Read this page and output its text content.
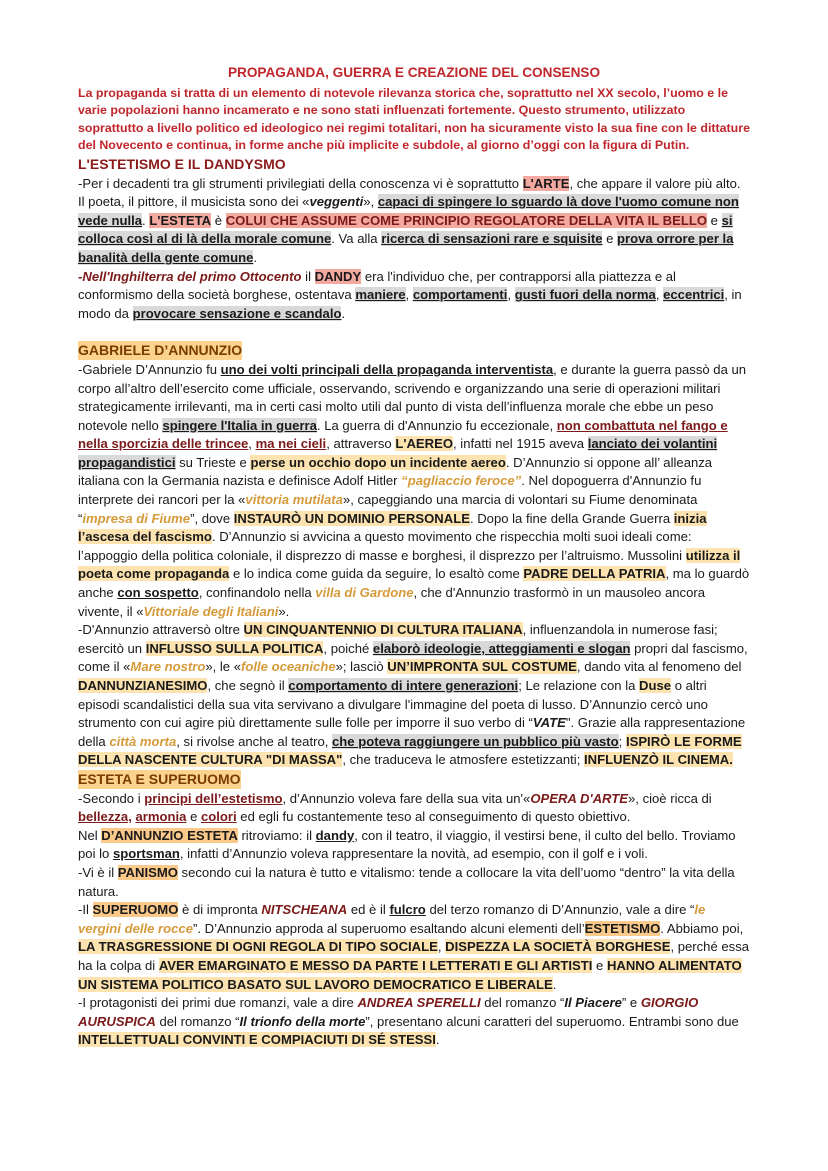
PROPAGANDA, GUERRA E CREAZIONE DEL CONSENSO
La propaganda si tratta di un elemento di notevole rilevanza storica che, soprattutto nel XX secolo, l’uomo e le varie popolazioni hanno incamerato e ne sono stati influenzati fortemente. Questo strumento, utilizzato soprattutto a livello politico ed ideologico nei regimi totalitari, non ha sicuramente visto la sua fine con le dittature del Novecento e continua, in forme anche più implicite e subdole, al giorno d’oggi con la figura di Putin.
L'ESTETISMO E IL DANDYSMO

-Per i decadenti tra gli strumenti privilegiati della conoscenza vi è soprattutto L'ARTE, che appare il valore più alto. Il poeta, il pittore, il musicista sono dei «veggenti», capaci di spingere lo sguardo là dove l'uomo comune non vede nulla. L'ESTETA è COLUI CHE ASSUME COME PRINCIPIO REGOLATORE DELLA VITA IL BELLO e si colloca così al di là della morale comune. Va alla ricerca di sensazioni rare e squisite e prova orrore per la banalità della gente comune.

-Nell'Inghilterra del primo Ottocento il DANDY era l'individuo che, per contrapporsi alla piattezza e al conformismo della società borghese, ostentava maniere, comportamenti, gusti fuori della norma, eccentrici, in modo da provocare sensazione e scandalo.

GABRIELE D’ANNUNZIO

-Gabriele D’Annunzio fu uno dei volti principali della propaganda interventista, e durante la guerra passò da un corpo all’altro dell’esercito come ufficiale, osservando, scrivendo e organizzando una serie di operazioni militari strategicamente irrilevanti, ma in certi casi molto utili dal punto di vista dell’influenza morale che ebbe un peso notevole nello spingere l'Italia in guerra. La guerra di d'Annunzio fu eccezionale, non combattuta nel fango e nella sporcizia delle trincee, ma nei cieli, attraverso L'AEREO, infatti nel 1915 aveva lanciato dei volantini propagandistici su Trieste e perse un occhio dopo un incidente aereo. D’Annunzio si oppone all’ alleanza italiana con la Germania nazista e definisce Adolf Hitler “pagliaccio feroce”. Nel dopoguerra d'Annunzio fu interprete dei rancori per la «vittoria mutilata», capeggiando una marcia di volontari su Fiume denominata “impresa di Fiume”, dove INSTAURÒ UN DOMINIO PERSONALE. Dopo la fine della Grande Guerra inizia l’ascesa del fascismo. D’Annunzio si avvicina a questo movimento che rispecchia molti suoi ideali come: l’appoggio della politica coloniale, il disprezzo di masse e borghesi, il disprezzo per l’altruismo. Mussolini utilizza il poeta come propaganda e lo indica come guida da seguire, lo esaltò come PADRE DELLA PATRIA, ma lo guardò anche con sospetto, confinandolo nella villa di Gardone, che d'Annunzio trasformò in un mausoleo ancora vivente, il «Vittoriale degli Italiani».

-D'Annunzio attraversò oltre UN CINQUANTENNIO DI CULTURA ITALIANA, influenzandola in numerose fasi; esercitò un INFLUSSO SULLA POLITICA, poiché elaborò ideologie, atteggiamenti e slogan propri dal fascismo, come il «Mare nostro», le «folle oceaniche»; lasciò UN’IMPRONTA SUL COSTUME, dando vita al fenomeno del DANNUNZIANESIMO, che segnò il comportamento di intere generazioni; Le relazione con la Duse o altri episodi scandalistici della sua vita servivano a divulgare l'immagine del poeta di lusso. D’Annunzio cercò uno strumento con cui agire più direttamente sulle folle per imporre il suo verbo di “VATE". Grazie alla rappresentazione della città morta, si rivolse anche al teatro, che poteva raggiungere un pubblico più vasto; ISPIRÒ LE FORME DELLA NASCENTE CULTURA "DI MASSA", che traduceva le atmosfere estetizzanti; INFLUENZÒ IL CINEMA.

ESTETA E SUPERUOMO

-Secondo i principi dell’estetismo, d’Annunzio voleva fare della sua vita un'«OPERA D'ARTE», cioè ricca di bellezza, armonia e colori ed egli fu costantemente teso al conseguimento di questo obiettivo.

Nel D’ANNUNZIO ESTETA ritroviamo: il dandy, con il teatro, il viaggio, il vestirsi bene, il culto del bello. Troviamo poi lo sportsman, infatti d’Annunzio voleva rappresentare la novità, ad esempio, con il golf e i voli.

-Vi è il PANISMO secondo cui la natura è tutto e vitalismo: tende a collocare la vita dell’uomo “dentro” la vita della natura.

-Il SUPERUOMO è di impronta NITSCHEANA ed è il fulcro del terzo romanzo di D’Annunzio, vale a dire “le vergini delle rocce”. D’Annunzio approda al superuomo esaltando alcuni elementi dell’ESTETISMO. Abbiamo poi, LA TRASGRESSIONE DI OGNI REGOLA DI TIPO SOCIALE, DISPEZZA LA SOCIETÀ BORGHESE, perché essa ha la colpa di AVER EMARGINATO E MESSO DA PARTE I LETTERATI E GLI ARTISTI e HANNO ALIMENTATO UN SISTEMA POLITICO BASATO SUL LAVORO DEMOCRATICO E LIBERALE.

-I protagonisti dei primi due romanzi, vale a dire ANDREA SPERELLI del romanzo “Il Piacere” e GIORGIO AURUSPICA del romanzo “Il trionfo della morte”, presentano alcuni caratteri del superuomo. Entrambi sono due INTELLETTUALI CONVINTI E COMPIACIUTI DI SÉ STESSI.
